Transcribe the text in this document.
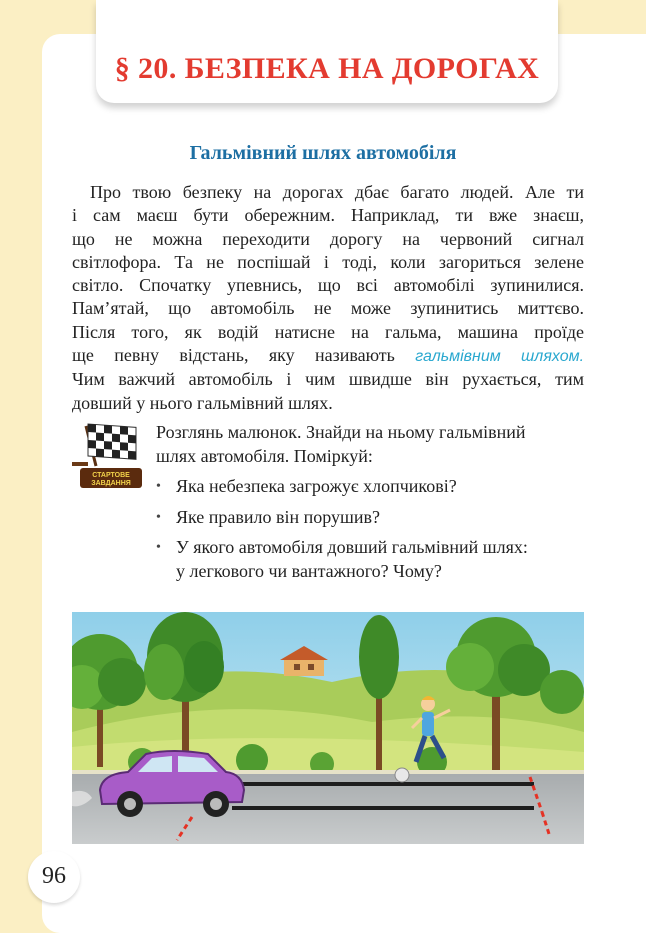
§ 20. БЕЗПЕКА НА ДОРОГАХ
Гальмівний шлях автомобіля
Про твою безпеку на дорогах дбає багато людей. Але ти
і сам маєш бути обережним. Наприклад, ти вже знаєш,
що не можна переходити дорогу на червоний сигнал
світлофора. Та не поспішай і тоді, коли загориться зелене
світло. Спочатку упевнись, що всі автомобілі зупинилися.
Пам’ятай, що автомобіль не може зупинитись миттєво.
Після того, як водій натисне на гальма, машина проїде
ще певну відстань, яку називають гальмівним шляхом.
Чим важчий автомобіль і чим швидше він рухається, тим
довший у нього гальмівний шлях.
СТАРТОВЕ
ЗАВДАННЯ
Розглянь малюнок. Знайди на ньому гальмівний
шлях автомобіля. Поміркуй:
• Яка небезпека загрожує хлопчикові?
• Яке правило він порушив?
• У якого автомобіля довший гальмівний шлях:
у легкового чи вантажного? Чому?
96
